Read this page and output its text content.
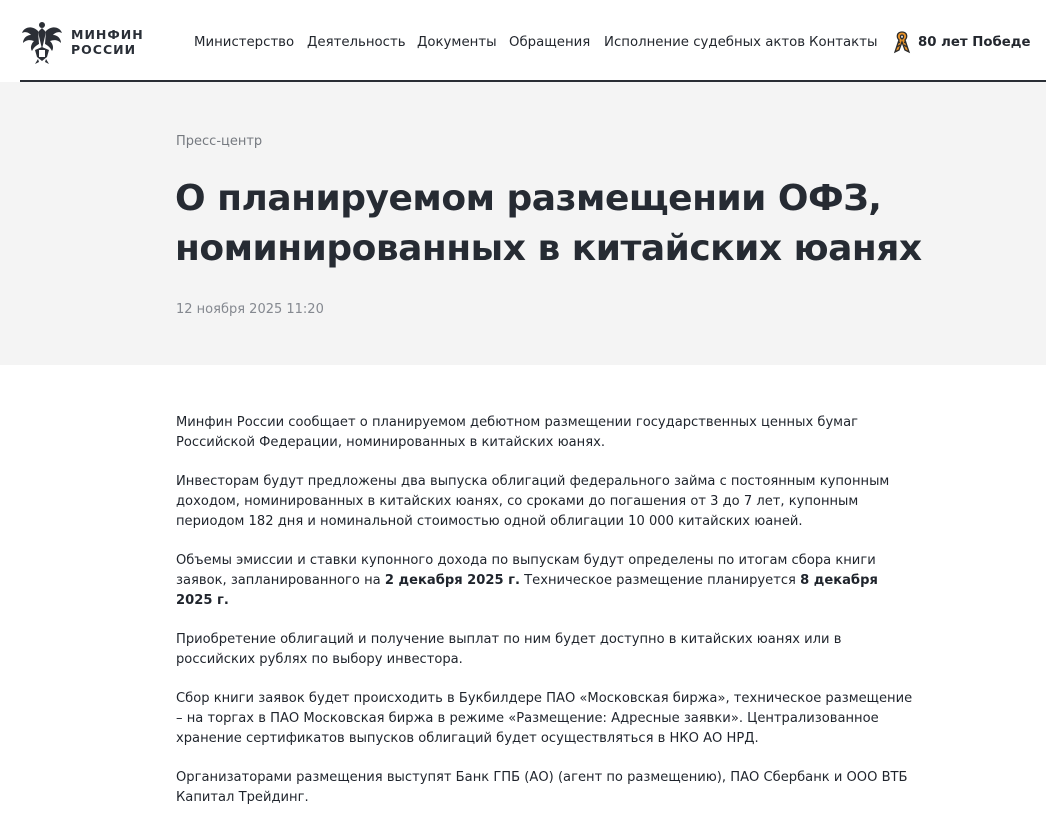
МИНФИН
РОССИИ	Министерство Деятельность Документы Обращения Исполнение судебных актов Контакты	80 лет Победе
Пресс-центр
О планируемом размещении ОФЗ,
номинированных в китайских юанях
12 ноября 2025 11:20

Минфин России сообщает о планируемом дебютном размещении государственных ценных бумаг Российской Федерации, номинированных в китайских юанях.

Инвесторам будут предложены два выпуска облигаций федерального займа с постоянным купонным доходом, номинированных в китайских юанях, со сроками до погашения от 3 до 7 лет, купонным периодом 182 дня и номинальной стоимостью одной облигации 10 000 китайских юаней.

Объемы эмиссии и ставки купонного дохода по выпускам будут определены по итогам сбора книги заявок, запланированного на 2 декабря 2025 г. Техническое размещение планируется 8 декабря 2025 г.

Приобретение облигаций и получение выплат по ним будет доступно в китайских юанях или в российских рублях по выбору инвестора.

Сбор книги заявок будет происходить в Букбилдере ПАО «Московская биржа», техническое размещение – на торгах в ПАО Московская биржа в режиме «Размещение: Адресные заявки». Централизованное хранение сертификатов выпусков облигаций будет осуществляться в НКО АО НРД.

Организаторами размещения выступят Банк ГПБ (АО) (агент по размещению), ПАО Сбербанк и ООО ВТБ Капитал Трейдинг.
